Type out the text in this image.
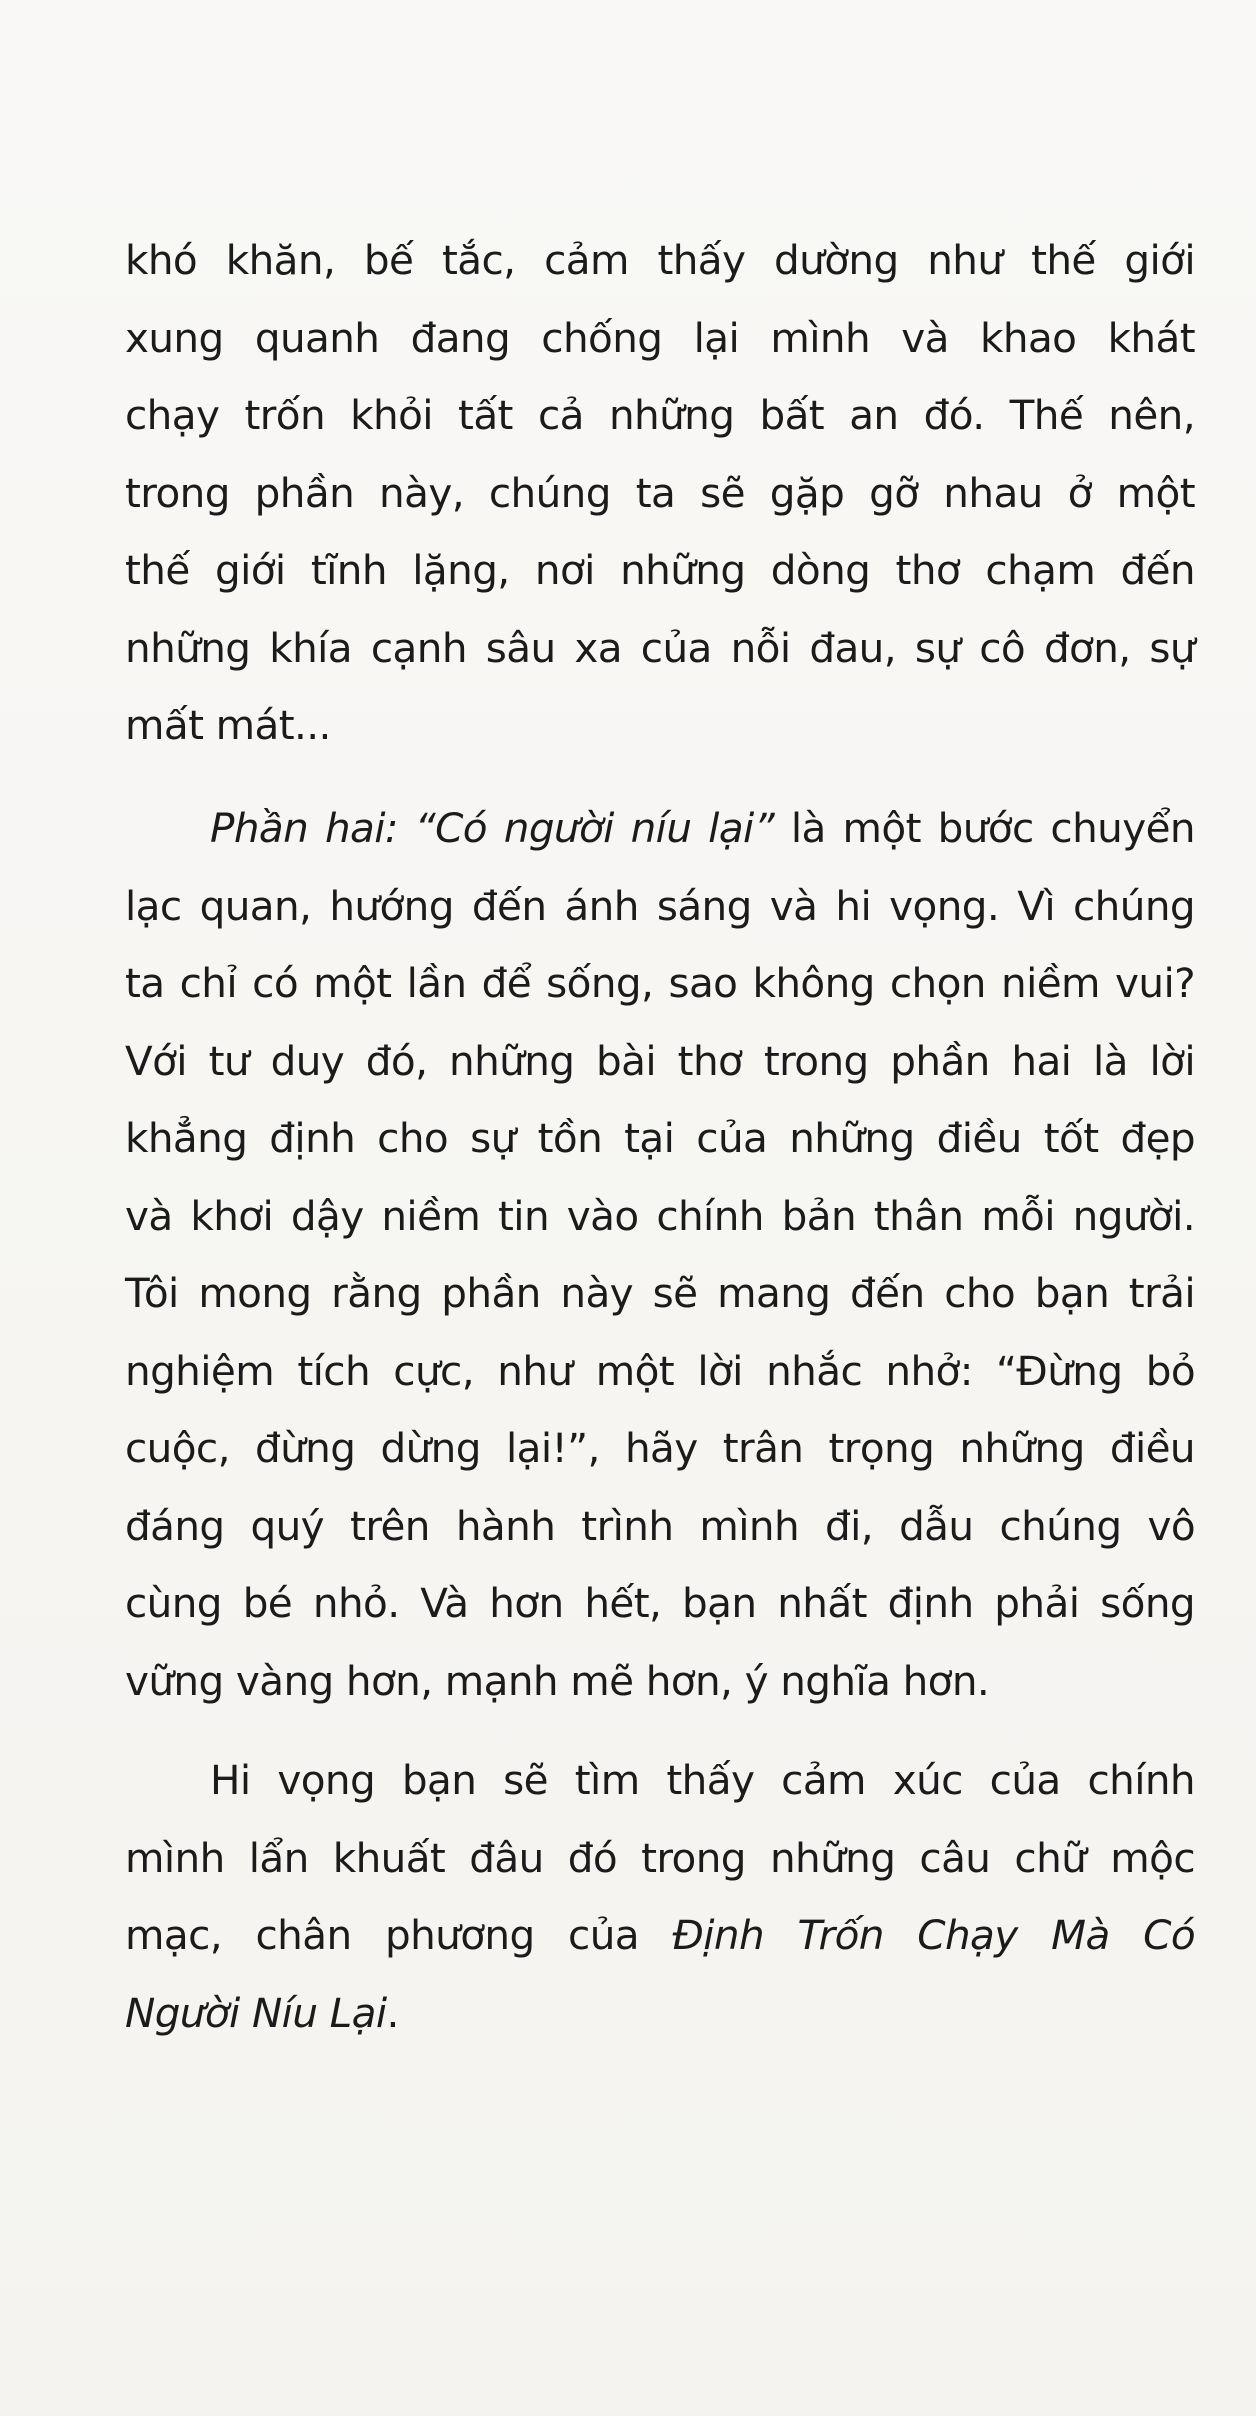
khó khăn, bế tắc, cảm thấy dường như thế giới
xung quanh đang chống lại mình và khao khát
chạy trốn khỏi tất cả những bất an đó. Thế nên,
trong phần này, chúng ta sẽ gặp gỡ nhau ở một
thế giới tĩnh lặng, nơi những dòng thơ chạm đến
những khía cạnh sâu xa của nỗi đau, sự cô đơn, sự
mất mát...
Phần hai: “Có người níu lại” là một bước chuyển
lạc quan, hướng đến ánh sáng và hi vọng. Vì chúng
ta chỉ có một lần để sống, sao không chọn niềm vui?
Với tư duy đó, những bài thơ trong phần hai là lời
khẳng định cho sự tồn tại của những điều tốt đẹp
và khơi dậy niềm tin vào chính bản thân mỗi người.
Tôi mong rằng phần này sẽ mang đến cho bạn trải
nghiệm tích cực, như một lời nhắc nhở: “Đừng bỏ
cuộc, đừng dừng lại!”, hãy trân trọng những điều
đáng quý trên hành trình mình đi, dẫu chúng vô
cùng bé nhỏ. Và hơn hết, bạn nhất định phải sống
vững vàng hơn, mạnh mẽ hơn, ý nghĩa hơn.
Hi vọng bạn sẽ tìm thấy cảm xúc của chính
mình lẩn khuất đâu đó trong những câu chữ mộc
mạc, chân phương của Định Trốn Chạy Mà Có
Người Níu Lại.
